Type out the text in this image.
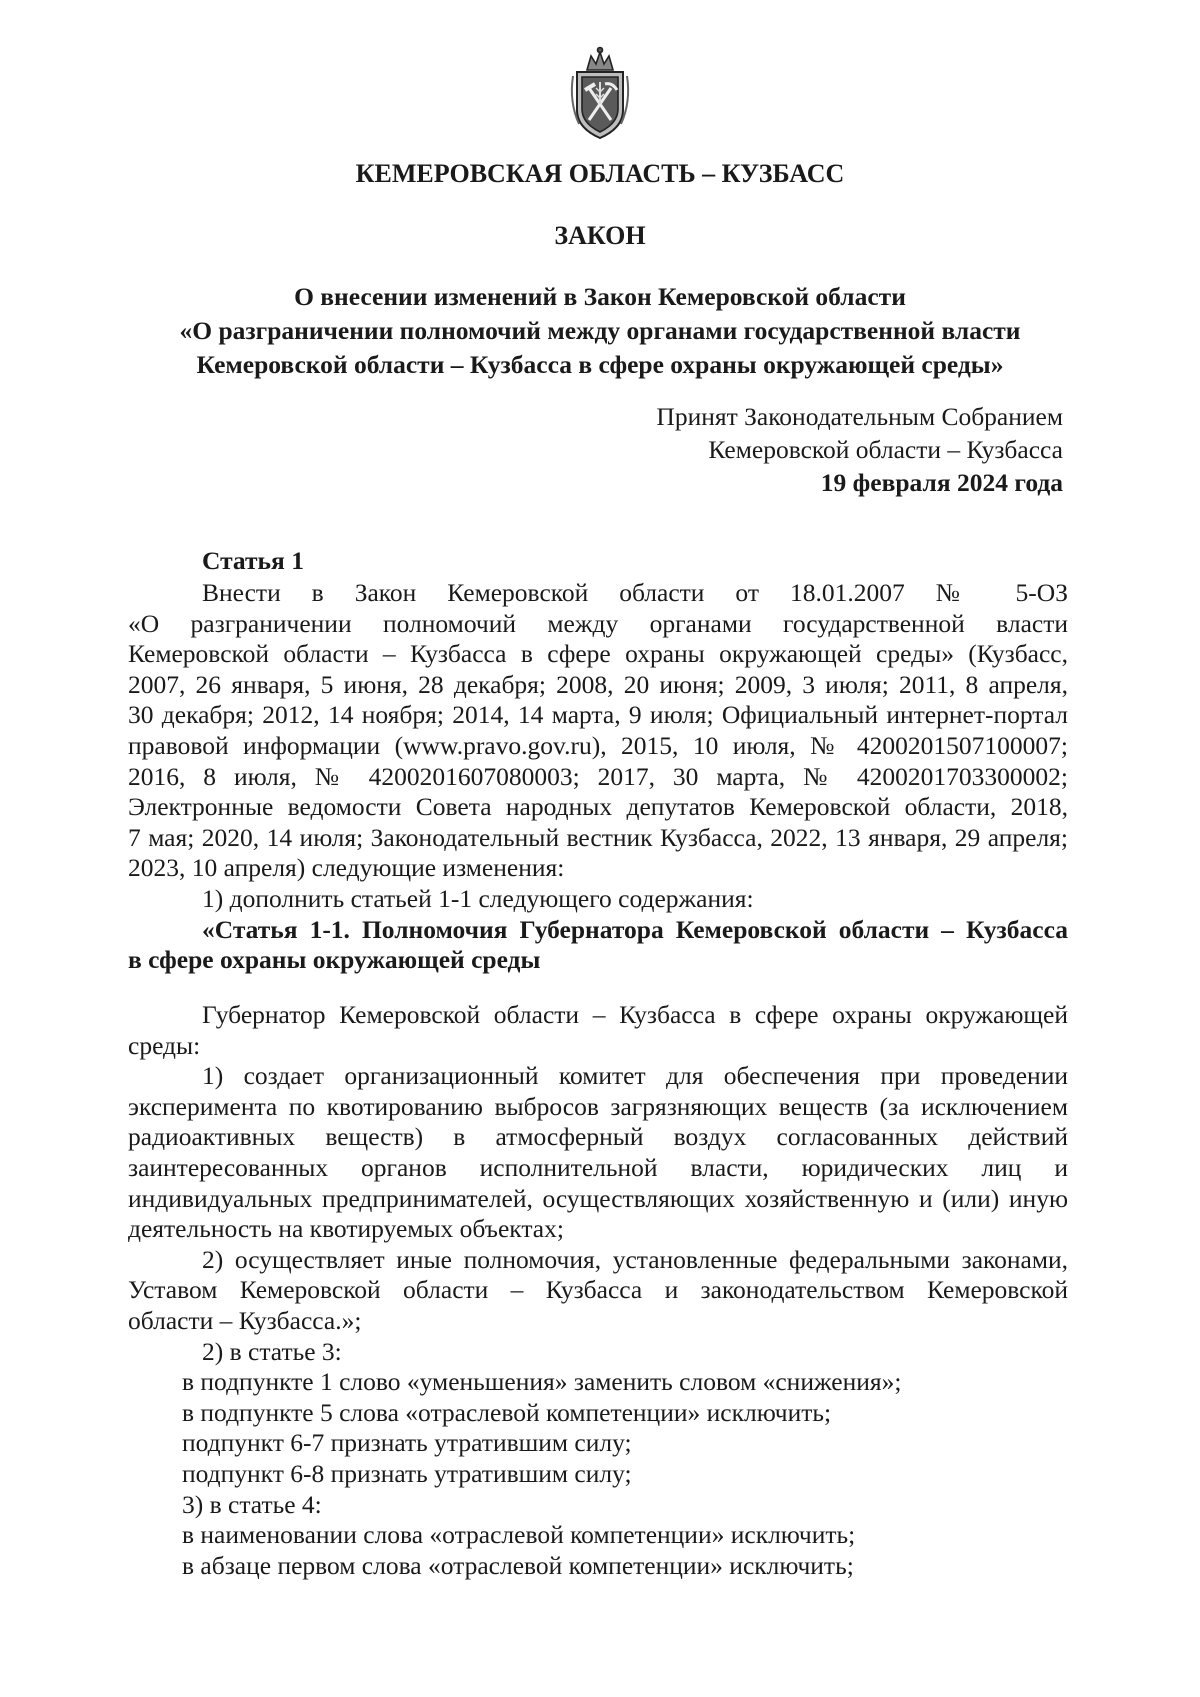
КЕМЕРОВСКАЯ ОБЛАСТЬ – КУЗБАСС
ЗАКОН
О внесении изменений в Закон Кемеровской области
«О разграничении полномочий между органами государственной власти
Кемеровской области – Кузбасса в сфере охраны окружающей среды»
Принят Законодательным Собранием
Кемеровской области – Кузбасса
19 февраля 2024 года
Статья 1
Внести в Закон Кемеровской области от 18.01.2007 № 5-ОЗ
«О разграничении полномочий между органами государственной власти
Кемеровской области – Кузбасса в сфере охраны окружающей среды» (Кузбасс,
2007, 26 января, 5 июня, 28 декабря; 2008, 20 июня; 2009, 3 июля; 2011, 8 апреля,
30 декабря; 2012, 14 ноября; 2014, 14 марта, 9 июля; Официальный интернет-портал
правовой информации (www.pravo.gov.ru), 2015, 10 июля, № 4200201507100007;
2016, 8 июля, № 4200201607080003; 2017, 30 марта, № 4200201703300002;
Электронные ведомости Совета народных депутатов Кемеровской области, 2018,
7 мая; 2020, 14 июля; Законодательный вестник Кузбасса, 2022, 13 января, 29 апреля;
2023, 10 апреля) следующие изменения:
1) дополнить статьей 1-1 следующего содержания:
«Статья 1-1. Полномочия Губернатора Кемеровской области – Кузбасса
в сфере охраны окружающей среды
Губернатор Кемеровской области – Кузбасса в сфере охраны окружающей
среды:
1) создает организационный комитет для обеспечения при проведении
эксперимента по квотированию выбросов загрязняющих веществ (за исключением
радиоактивных веществ) в атмосферный воздух согласованных действий
заинтересованных органов исполнительной власти, юридических лиц и
индивидуальных предпринимателей, осуществляющих хозяйственную и (или) иную
деятельность на квотируемых объектах;
2) осуществляет иные полномочия, установленные федеральными законами,
Уставом Кемеровской области – Кузбасса и законодательством Кемеровской
области – Кузбасса.»;
2) в статье 3:
в подпункте 1 слово «уменьшения» заменить словом «снижения»;
в подпункте 5 слова «отраслевой компетенции» исключить;
подпункт 6-7 признать утратившим силу;
подпункт 6-8 признать утратившим силу;
3) в статье 4:
в наименовании слова «отраслевой компетенции» исключить;
в абзаце первом слова «отраслевой компетенции» исключить;
